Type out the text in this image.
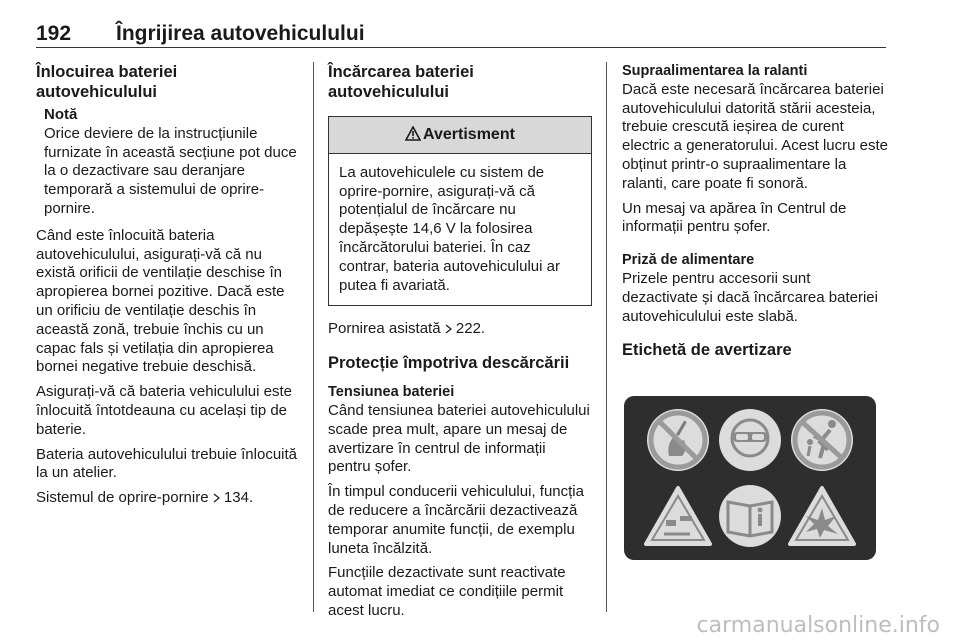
192 Îngrijirea autovehiculului
Înlocuirea bateriei autovehiculului
Notă
Orice deviere de la instrucțiunile furnizate în această secțiune pot duce la o dezactivare sau deranjare temporară a sistemului de oprire-pornire.

Când este înlocuită bateria autovehiculului, asigurați-vă că nu există orificii de ventilație deschise în apropierea bornei pozitive. Dacă este un orificiu de ventilație deschis în această zonă, trebuie închis cu un capac fals și vetilația din apropierea bornei negative trebuie deschisă.

Asigurați-vă că bateria vehiculului este înlocuită întotdeauna cu același tip de baterie.

Bateria autovehiculului trebuie înlocuită la un atelier.

Sistemul de oprire-pornire 134.

Încărcarea bateriei autovehiculului
Avertisment
La autovehiculele cu sistem de oprire-pornire, asigurați-vă că potențialul de încărcare nu depășește 14,6 V la folosirea încărcătorului bateriei. În caz contrar, bateria autovehiculului ar putea fi avariată.

Pornirea asistată 222.

Protecție împotriva descărcării
Tensiunea bateriei

Când tensiunea bateriei autovehiculului scade prea mult, apare un mesaj de avertizare în centrul de informații pentru șofer.

În timpul conducerii vehiculului, funcția de reducere a încărcării dezactivează temporar anumite funcții, de exemplu luneta încălzită.

Funcțiile dezactivate sunt reactivate automat imediat ce condițiile permit acest lucru.

Supraalimentarea la ralanti

Dacă este necesară încărcarea bateriei autovehiculului datorită stării acesteia, trebuie crescută ieșirea de curent electric a generatorului. Acest lucru este obținut printr-o supraalimentare la ralanti, care poate fi sonoră.

Un mesaj va apărea în Centrul de informații pentru șofer.

Priză de alimentare

Prizele pentru accesorii sunt dezactivate și dacă încărcarea bateriei autovehiculului este slabă.

Etichetă de avertizare
carmanualsonline.info
